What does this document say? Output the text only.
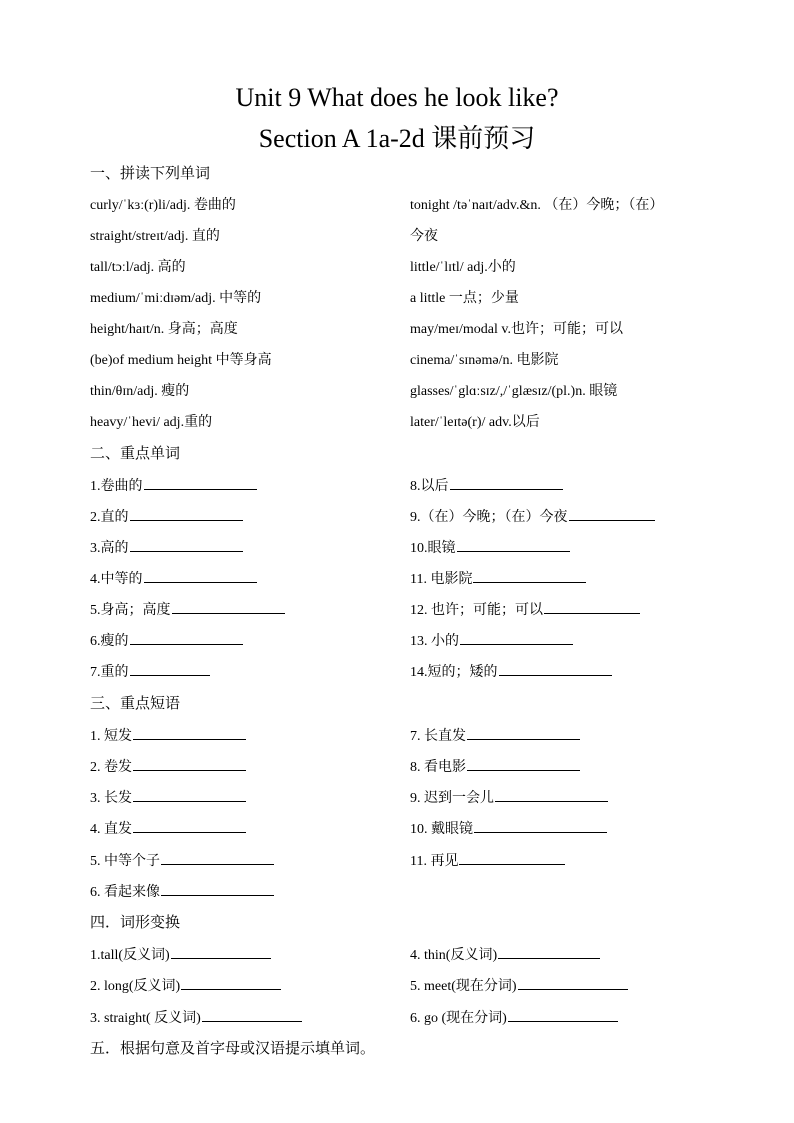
Unit 9 What does he look like?
Section A 1a-2d 课前预习
一、拼读下列单词
curly/ˈkɜː(r)li/adj. 卷曲的	tonight /təˈnaɪt/adv.&n. （在）今晚；（在）
straight/streɪt/adj. 直的	今夜
tall/tɔːl/adj. 高的	little/ˈlɪtl/ adj.小的
medium/ˈmiːdɪəm/adj. 中等的	a little 一点；少量
height/haɪt/n. 身高；高度	may/meɪ/modal v.也许；可能；可以
(be)of medium height 中等身高	cinema/ˈsɪnəmə/n. 电影院
thin/θɪn/adj. 瘦的	glasses/ˈglɑːsɪz/,/ˈglæsɪz/(pl.)n. 眼镜
heavy/ˈhevi/ adj.重的	later/ˈleɪtə(r)/ adv.以后
二、重点单词
1.卷曲的	8.以后
2.直的	9.（在）今晚；（在）今夜
3.高的	10.眼镜
4.中等的	11. 电影院
5.身高；高度	12. 也许；可能；可以
6.瘦的	13. 小的
7.重的	14.短的；矮的
三、重点短语
1. 短发	7. 长直发
2. 卷发	8. 看电影
3. 长发	9. 迟到一会儿
4. 直发	10. 戴眼镜
5. 中等个子	11. 再见
6. 看起来像
四．词形变换
1.tall(反义词)	4. thin(反义词)
2. long(反义词)	5. meet(现在分词)
3. straight( 反义词)	6. go (现在分词)
五．根据句意及首字母或汉语提示填单词。
